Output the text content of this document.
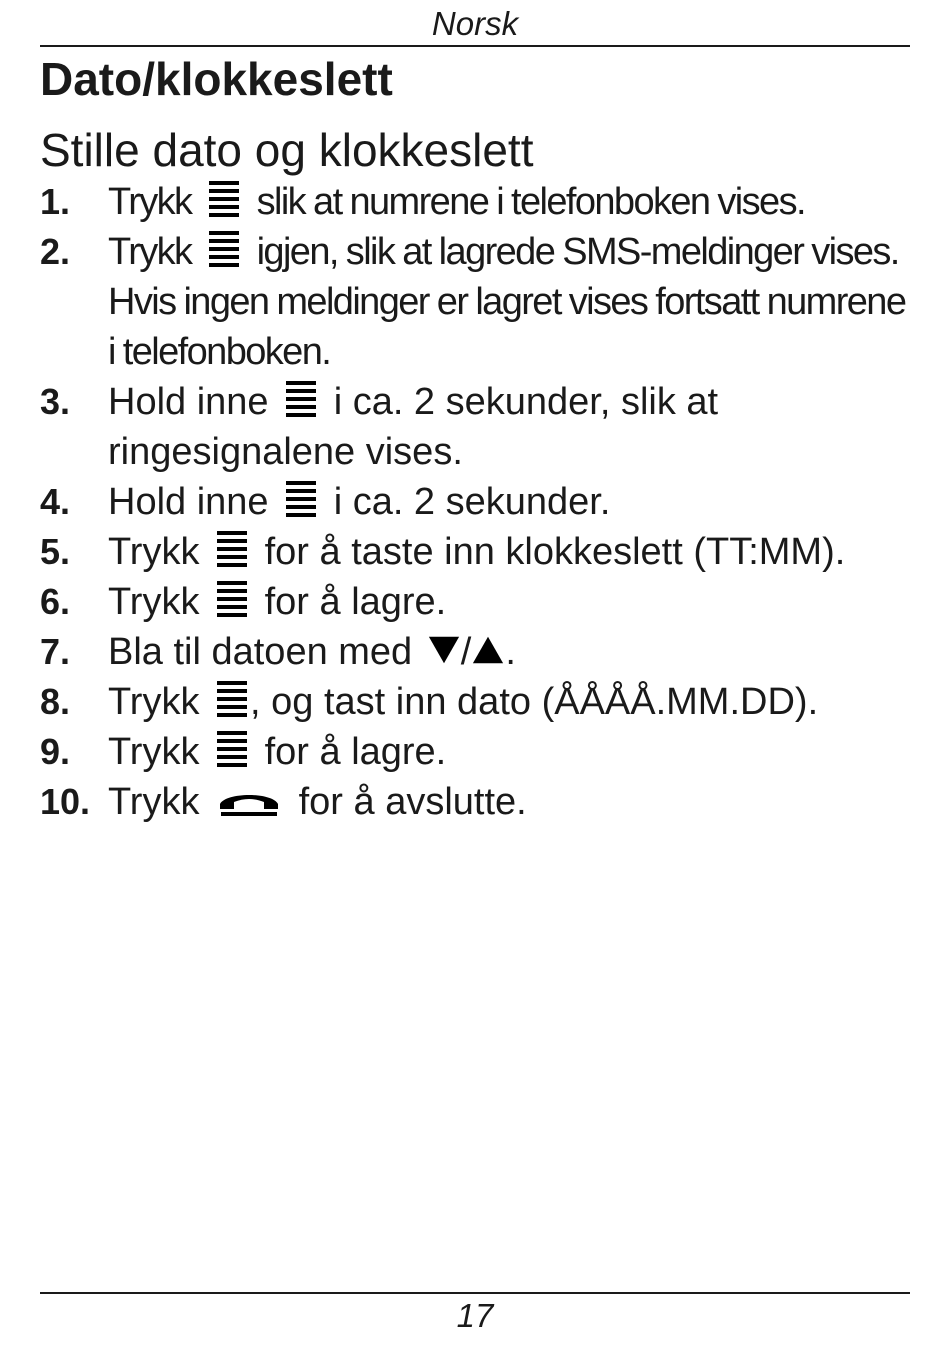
Norsk
Dato/klokkeslett
Stille dato og klokkeslett
1. Trykk slik at numrene i telefonboken vises.
2. Trykk igjen, slik at lagrede SMS-meldinger vises. Hvis ingen meldinger er lagret vises fortsatt numrene i telefonboken.
3. Hold inne i ca. 2 sekunder, slik at ringesignalene vises.
4. Hold inne i ca. 2 sekunder.
5. Trykk for å taste inn klokkeslett (TT:MM).
6. Trykk for å lagre.
7. Bla til datoen med / .
8. Trykk , og tast inn dato (ÅÅÅÅ.MM.DD).
9. Trykk for å lagre.
10. Trykk	for å avslutte.
17
